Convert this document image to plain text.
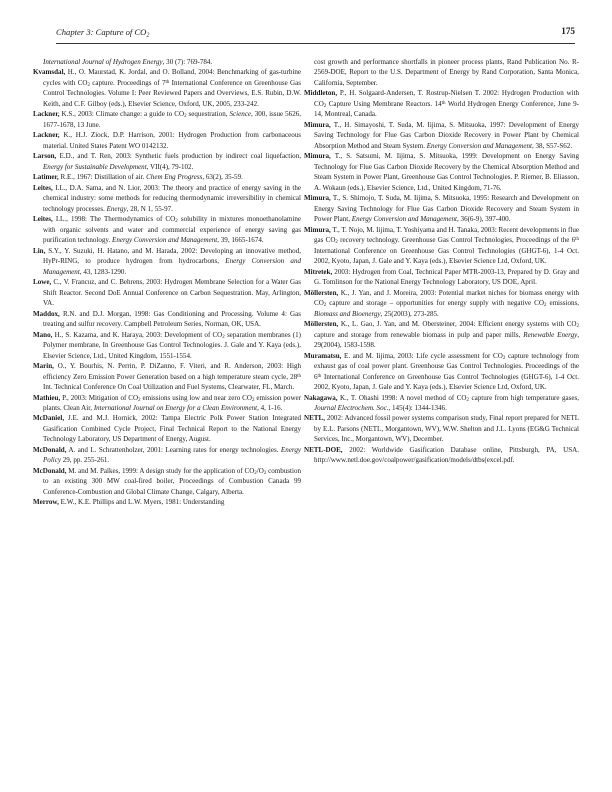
Chapter 3: Capture of $CO_2$	175

International Journal of Hydrogen Energy, 30 (7): 769-784.

Kvamsdal, H., O. Maurstad, K. Jordal, and O. Bolland, 2004: Benchmarking of gas-turbine cycles with $CO_2$ capture. Proceedings of 7th International Conference on Greenhouse Gas Control Technologies. Volume I: Peer Reviewed Papers and Overviews, E.S. Rubin, D.W. Keith, and C.F. Gilboy (eds.), Elsevier Science, Oxford, UK, 2005, 233-242.

Lackner, K.S., 2003: Climate change: a guide to $CO_2$ sequestration, Science, 300, issue 5626, 1677-1678, 13 June.

Lackner, K., H.J. Ziock, D.P. Harrison, 2001: Hydrogen Production from carbonaceous material. United States Patent WO 0142132.

Larson, E.D., and T. Ren, 2003: Synthetic fuels production by indirect coal liquefaction, Energy for Sustainable Development, VII(4), 79-102.

Latimer, R.E., 1967: Distillation of air. Chem Eng Progress, 63(2), 35-59.

Leites, I.L., D.A. Sama, and N. Lior, 2003: The theory and practice of energy saving in the chemical industry: some methods for reducing thermodynamic irreversibility in chemical technology processes. Energy, 28, N 1, 55-97.

Leites, I.L., 1998: The Thermodynamics of $CO_2$ solubility in mixtures monoethanolamine with organic solvents and water and commercial experience of energy saving gas purification technology. Energy Conversion and Management, 39, 1665-1674.

Lin, S.Y., Y. Suzuki, H. Hatano, and M. Harada, 2002: Developing an innovative method, HyPr-RING, to produce hydrogen from hydrocarbons, Energy Conversion and Management, 43, 1283-1290.

Lowe, C., V. Francuz, and C. Behrens, 2003: Hydrogen Membrane Selection for a Water Gas Shift Reactor. Second DoE Annual Conference on Carbon Sequestration. May, Arlington, VA.

Maddox, R.N. and D.J. Morgan, 1998: Gas Conditioning and Processing. Volume 4: Gas treating and sulfur recovery. Campbell Petroleum Series, Norman, OK, USA.

Mano, H., S. Kazama, and K. Haraya, 2003: Development of $CO_2$ separation membranes (1) Polymer membrane, In Greenhouse Gas Control Technologies. J. Gale and Y. Kaya (eds.), Elsevier Science, Ltd., United Kingdom, 1551-1554.

Marin, O., Y. Bourhis, N. Perrin, P. DiZanno, F. Viteri, and R. Anderson, 2003: High efficiency Zero Emission Power Generation based on a high temperature steam cycle, 28th Int. Technical Conference On Coal Utilization and Fuel Systems, Clearwater, FL, March.

Mathieu, P., 2003: Mitigation of $CO_2$ emissions using low and near zero $CO_2$ emission power plants. Clean Air, International Journal on Energy for a Clean Environment, 4, 1-16.

McDaniel, J.E. and M.J. Hornick, 2002: Tampa Electric Polk Power Station Integrated Gasification Combined Cycle Project, Final Technical Report to the National Energy Technology Laboratory, US Department of Energy, August.

McDonald, A. and L. Schrattenholzer, 2001: Learning rates for energy technologies. Energy Policy 29, pp. 255-261.

McDonald, M. and M. Palkes, 1999: A design study for the application of $CO_2/O_2$ combustion to an existing 300 MW coal-fired boiler, Proceedings of Combustion Canada 99 Conference-Combustion and Global Climate Change, Calgary, Alberta.

Merrow, E.W., K.E. Phillips and L.W. Myers, 1981: Understanding

cost growth and performance shortfalls in pioneer process plants, Rand Publication No. R-2569-DOE, Report to the U.S. Department of Energy by Rand Corporation, Santa Monica, California, September.

Middleton, P., H. Solgaard-Andersen, T. Rostrup-Nielsen T. 2002: Hydrogen Production with $CO_2$ Capture Using Membrane Reactors. 14th World Hydrogen Energy Conference, June 9-14, Montreal, Canada.

Mimura, T., H. Simayoshi, T. Suda, M. Iijima, S. Mitsuoka, 1997: Development of Energy Saving Technology for Flue Gas Carbon Dioxide Recovery in Power Plant by Chemical Absorption Method and Steam System. Energy Conversion and Management, 38, S57-S62.

Mimura, T., S. Satsumi, M. Iijima, S. Mitsuoka, 1999: Development on Energy Saving Technology for Flue Gas Carbon Dioxide Recovery by the Chemical Absorption Method and Steam System in Power Plant, Greenhouse Gas Control Technologies. P. Riemer, B. Eliasson, A. Wokaun (eds.), Elsevier Science, Ltd., United Kingdom, 71-76.

Mimura, T., S. Shimojo, T. Suda, M. Iijima, S. Mitsuoka, 1995: Research and Development on Energy Saving Technology for Flue Gas Carbon Dioxide Recovery and Steam System in Power Plant, Energy Conversion and Management, 36(6-9), 397-400.

Mimura, T., T. Nojo, M. Iijima, T. Yoshiyama and H. Tanaka, 2003: Recent developments in flue gas $CO_2$ recovery technology. Greenhouse Gas Control Technologies, Proceedings of the 6th International Conference on Greenhouse Gas Control Technologies (GHGT-6), 1-4 Oct. 2002, Kyoto, Japan, J. Gale and Y. Kaya (eds.), Elsevier Science Ltd, Oxford, UK.

Mitretek, 2003: Hydrogen from Coal, Technical Paper MTR-2003-13, Prepared by D. Gray and G. Tomlinson for the National Energy Technology Laboratory, US DOE, April.

Möllersten, K., J. Yan, and J. Moreira, 2003: Potential market niches for biomass energy with $CO_2$ capture and storage – opportunities for energy supply with negative $CO_2$ emissions, Biomass and Bioenergy, 25(2003), 273-285.

Möllersten, K., L. Gao, J. Yan, and M. Obersteiner, 2004: Efficient energy systems with $CO_2$ capture and storage from renewable biomass in pulp and paper mills, Renewable Energy, 29(2004), 1583-1598.

Muramatsu, E. and M. Iijima, 2003: Life cycle assessment for $CO_2$ capture technology from exhaust gas of coal power plant. Greenhouse Gas Control Technologies. Proceedings of the 6th International Conference on Greenhouse Gas Control Technologies (GHGT-6), 1-4 Oct. 2002, Kyoto, Japan, J. Gale and Y. Kaya (eds.), Elsevier Science Ltd, Oxford, UK.

Nakagawa, K., T. Ohashi 1998: A novel method of $CO_2$ capture from high temperature gases, Journal Electrochem. Soc., 145(4): 1344-1346.

NETL, 2002: Advanced fossil power systems comparison study, Final report prepared for NETL by E.L. Parsons (NETL, Morgantown, WV), W.W. Shelton and J.L. Lyons (EG&G Technical Services, Inc., Morgantown, WV), December.

NETL-DOE, 2002: Worldwide Gasification Database online, Pittsburgh, PA, USA. http://www.netl.doe.gov/coalpower/gasification/models/dtbs(excel.pdf.
